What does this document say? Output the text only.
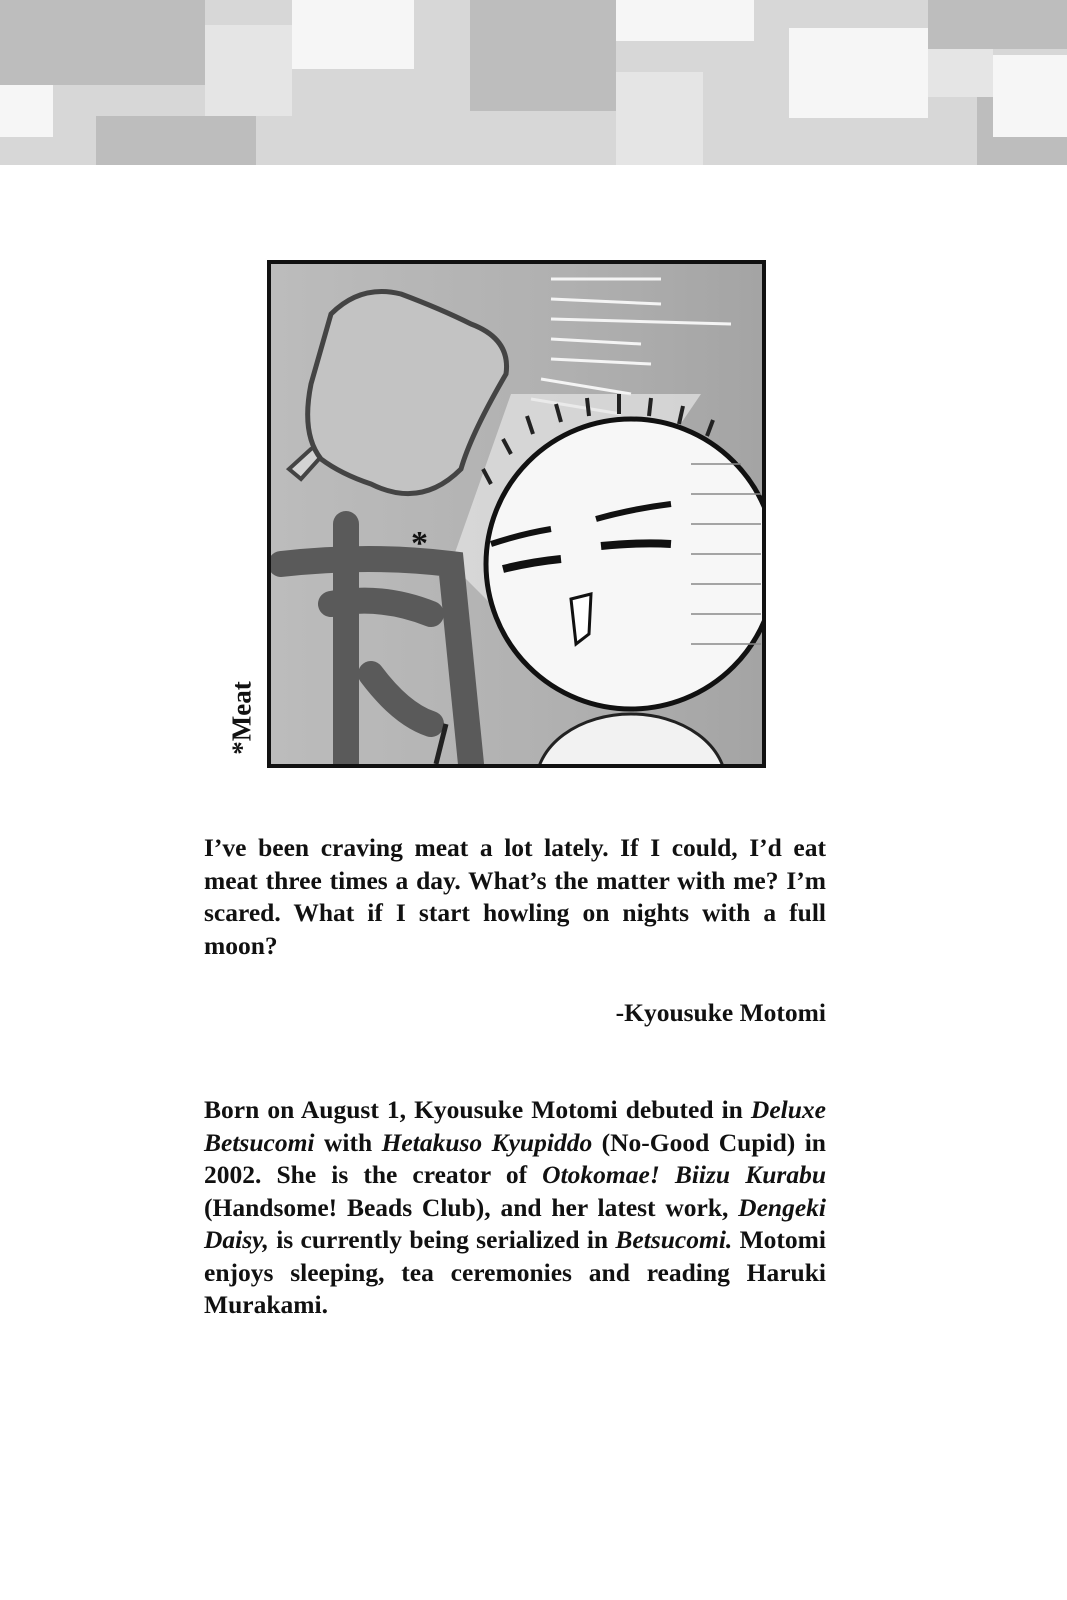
*
*Meat
I’ve been craving meat a lot lately. If I could, I’d eat meat three times a day. What’s the matter with me? I’m scared. What if I start howling on nights with a full moon?
-Kyousuke Motomi
Born on August 1, Kyousuke Motomi debuted in Deluxe Betsucomi with Hetakuso Kyupiddo (No-Good Cupid) in 2002. She is the creator of Otokomae! Biizu Kurabu (Handsome! Beads Club), and her latest work, Dengeki Daisy, is currently being serialized in Betsucomi. Motomi enjoys sleeping, tea ceremonies and reading Haruki Murakami.
